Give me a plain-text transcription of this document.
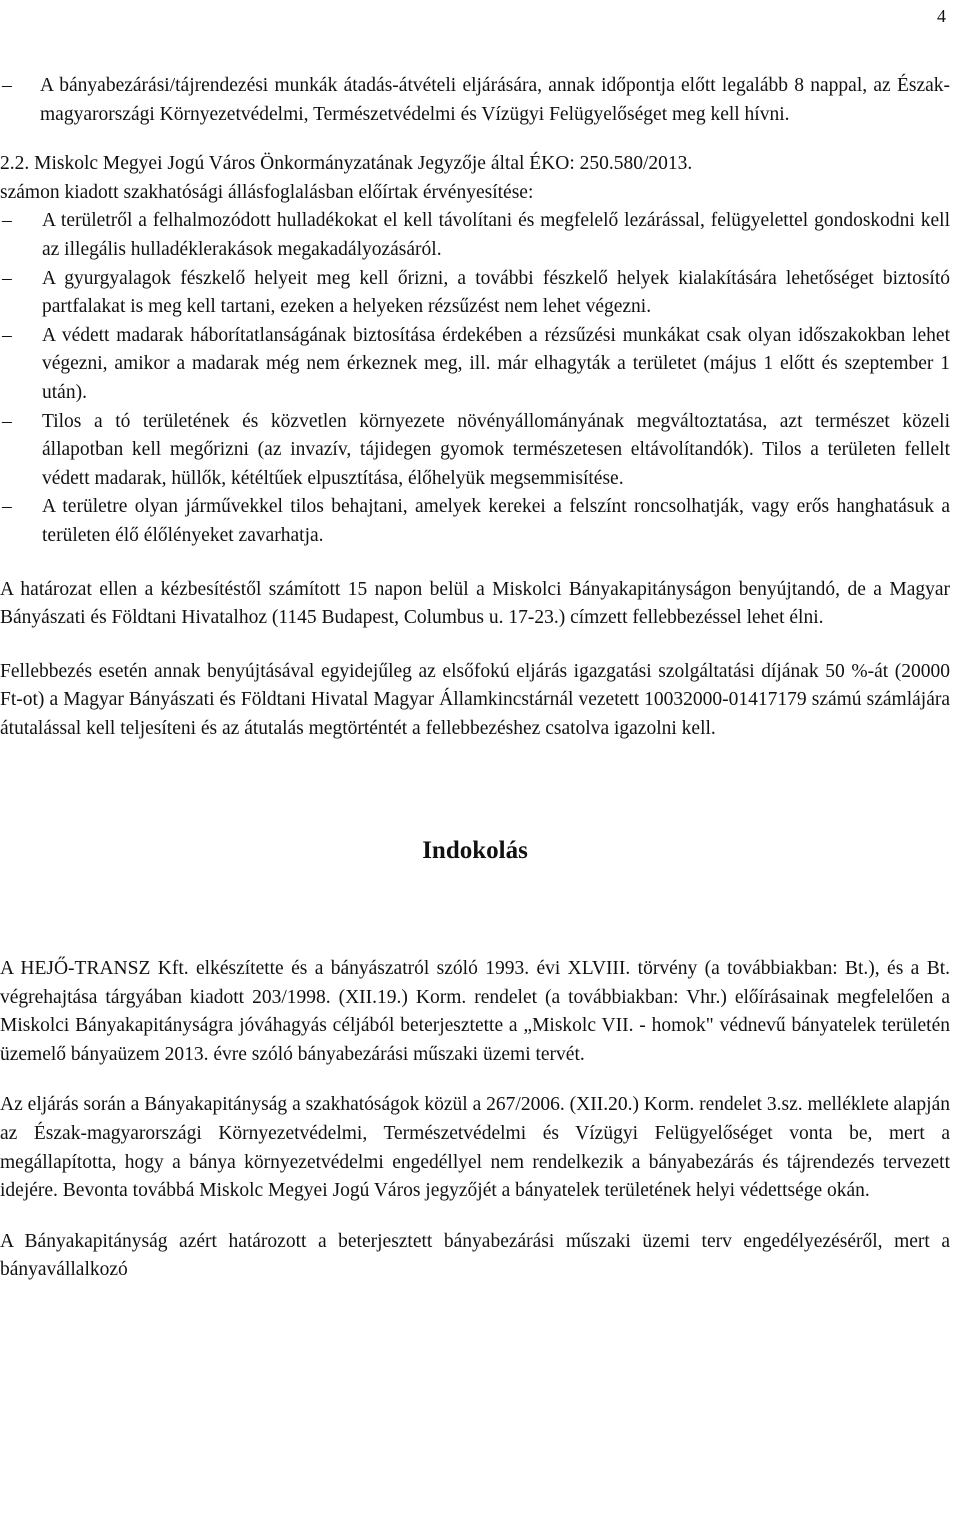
4
– A bányabezárási/tájrendezési munkák átadás-átvételi eljárására, annak időpontja előtt legalább 8 nappal, az Észak-magyarországi Környezetvédelmi, Természetvédelmi és Vízügyi Felügyelőséget meg kell hívni.

2.2. Miskolc Megyei Jogú Város Önkormányzatának Jegyzője által ÉKO: 250.580/2013.

számon kiadott szakhatósági állásfoglalásban előírtak érvényesítése:

– A területről a felhalmozódott hulladékokat el kell távolítani és megfelelő lezárással, felügyelettel gondoskodni kell az illegális hulladéklerakások megakadályozásáról.
– A gyurgyalagok fészkelő helyeit meg kell őrizni, a további fészkelő helyek kialakítására lehetőséget biztosító partfalakat is meg kell tartani, ezeken a helyeken rézsűzést nem lehet végezni.
– A védett madarak háborítatlanságának biztosítása érdekében a rézsűzési munkákat csak olyan időszakokban lehet végezni, amikor a madarak még nem érkeznek meg, ill. már elhagyták a területet (május 1 előtt és szeptember 1 után).
– Tilos a tó területének és közvetlen környezete növényállományának megváltoztatása, azt természet közeli állapotban kell megőrizni (az invazív, tájidegen gyomok természetesen eltávolítandók). Tilos a területen fellelt védett madarak, hüllők, kétéltűek elpusztítása, élőhelyük megsemmisítése.
– A területre olyan járművekkel tilos behajtani, amelyek kerekei a felszínt roncsolhatják, vagy erős hanghatásuk a területen élő élőlényeket zavarhatja.

A határozat ellen a kézbesítéstől számított 15 napon belül a Miskolci Bányakapitányságon benyújtandó, de a Magyar Bányászati és Földtani Hivatalhoz (1145 Budapest, Columbus u. 17-23.) címzett fellebbezéssel lehet élni.

Fellebbezés esetén annak benyújtásával egyidejűleg az elsőfokú eljárás igazgatási szolgáltatási díjának 50 %-át (20000 Ft-ot) a Magyar Bányászati és Földtani Hivatal Magyar Államkincstárnál vezetett 10032000-01417179 számú számlájára átutalással kell teljesíteni és az átutalás megtörténtét a fellebbezéshez csatolva igazolni kell.

Indokolás

A HEJŐ-TRANSZ Kft. elkészítette és a bányászatról szóló 1993. évi XLVIII. törvény (a továbbiakban: Bt.), és a Bt. végrehajtása tárgyában kiadott 203/1998. (XII.19.) Korm. rendelet (a továbbiakban: Vhr.) előírásainak megfelelően a Miskolci Bányakapitányságra jóváhagyás céljából beterjesztette a „Miskolc VII. - homok" védnevű bányatelek területén üzemelő bányaüzem 2013. évre szóló bányabezárási műszaki üzemi tervét.

Az eljárás során a Bányakapitányság a szakhatóságok közül a 267/2006. (XII.20.) Korm. rendelet 3.sz. melléklete alapján az Észak-magyarországi Környezetvédelmi, Természetvédelmi és Vízügyi Felügyelőséget vonta be, mert a megállapította, hogy a bánya környezetvédelmi engedéllyel nem rendelkezik a bányabezárás és tájrendezés tervezett idejére. Bevonta továbbá Miskolc Megyei Jogú Város jegyzőjét a bányatelek területének helyi védettsége okán.

A Bányakapitányság azért határozott a beterjesztett bányabezárási műszaki üzemi terv engedélyezéséről, mert a bányavállalkozó
